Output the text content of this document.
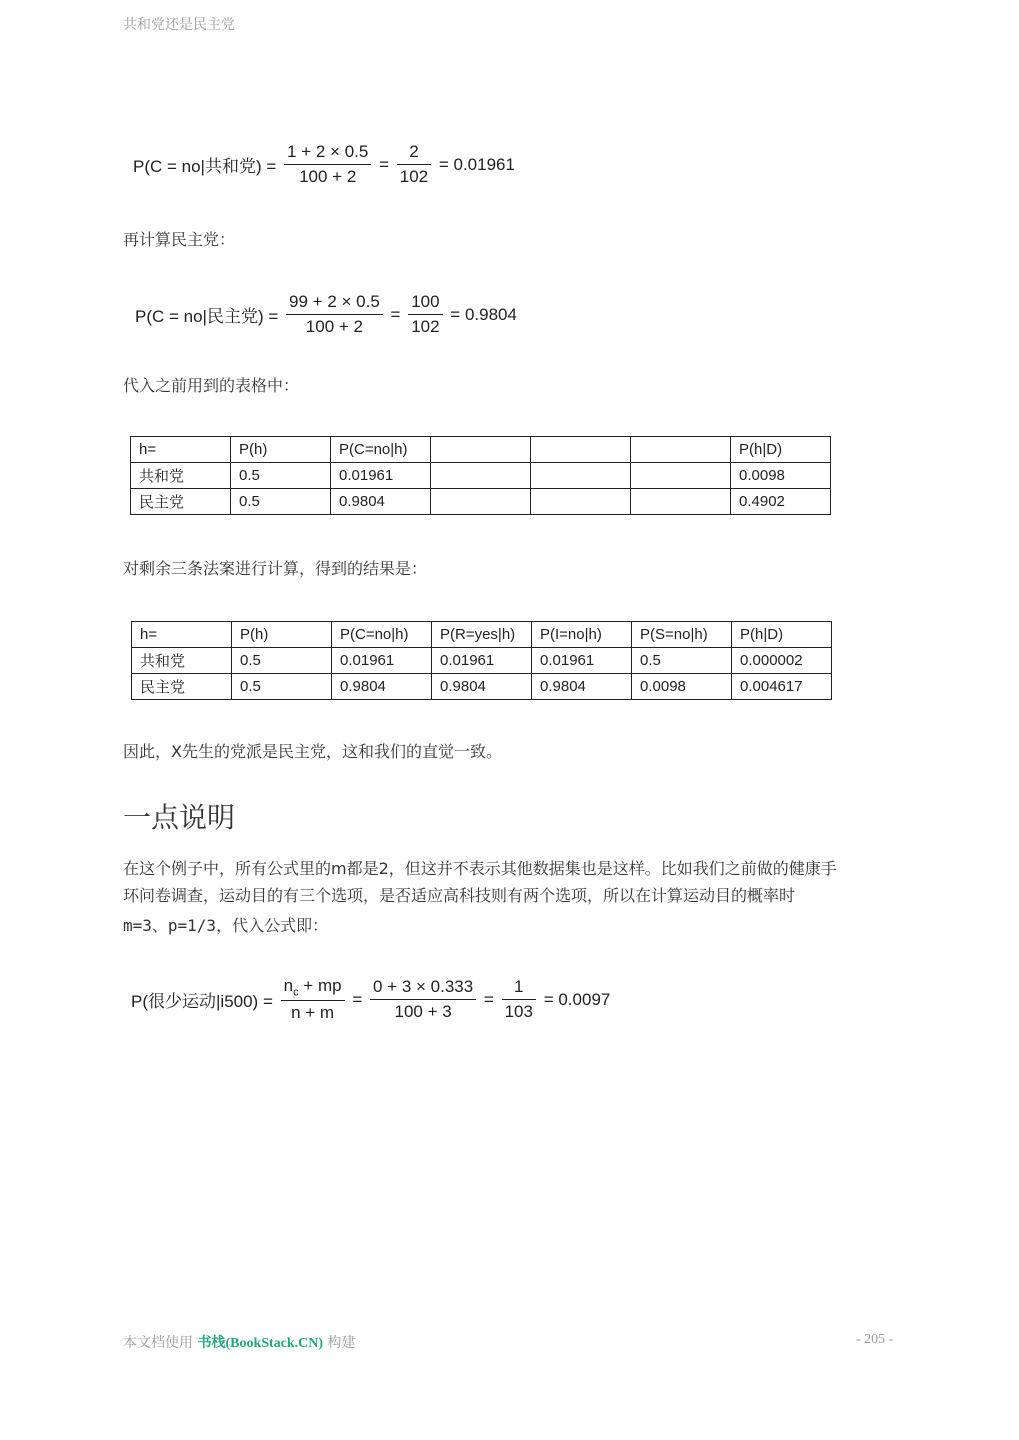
共和党还是民主党
P(C = no|共和党) = $\frac{1 + 2 \times 0.5}{100 + 2} = \frac{2}{102} = 0.01961$
再计算民主党：
P(C = no|民主党) = $\frac{99 + 2 \times 0.5}{100 + 2} = \frac{100}{102} = 0.9804$
代入之前用到的表格中：
h=	P(h)	P(C=no|h)				P(h|D)
共和党	0.5	0.01961				0.0098
民主党	0.5	0.9804				0.4902
对剩余三条法案进行计算，得到的结果是：
h=	P(h)	P(C=no|h)	P(R=yes|h)	P(I=no|h)	P(S=no|h)	P(h|D)
共和党	0.5	0.01961	0.01961	0.01961	0.5	0.000002
民主党	0.5	0.9804	0.9804	0.9804	0.0098	0.004617
因此，X先生的党派是民主党，这和我们的直觉一致。
一点说明
在这个例子中，所有公式里的m都是2，但这并不表示其他数据集也是这样。比如我们之前做的健康手
环问卷调查，运动目的有三个选项，是否适应高科技则有两个选项，所以在计算运动目的概率时
m=3、p=1/3，代入公式即：
P(很少运动$|i500) = \frac{n_c + mp}{n + m} = \frac{0 + 3 \times 0.333}{100 + 3} = \frac{1}{103} = 0.0097$
本文档使用 书栈(BookStack.CN) 构建	- 205 -
